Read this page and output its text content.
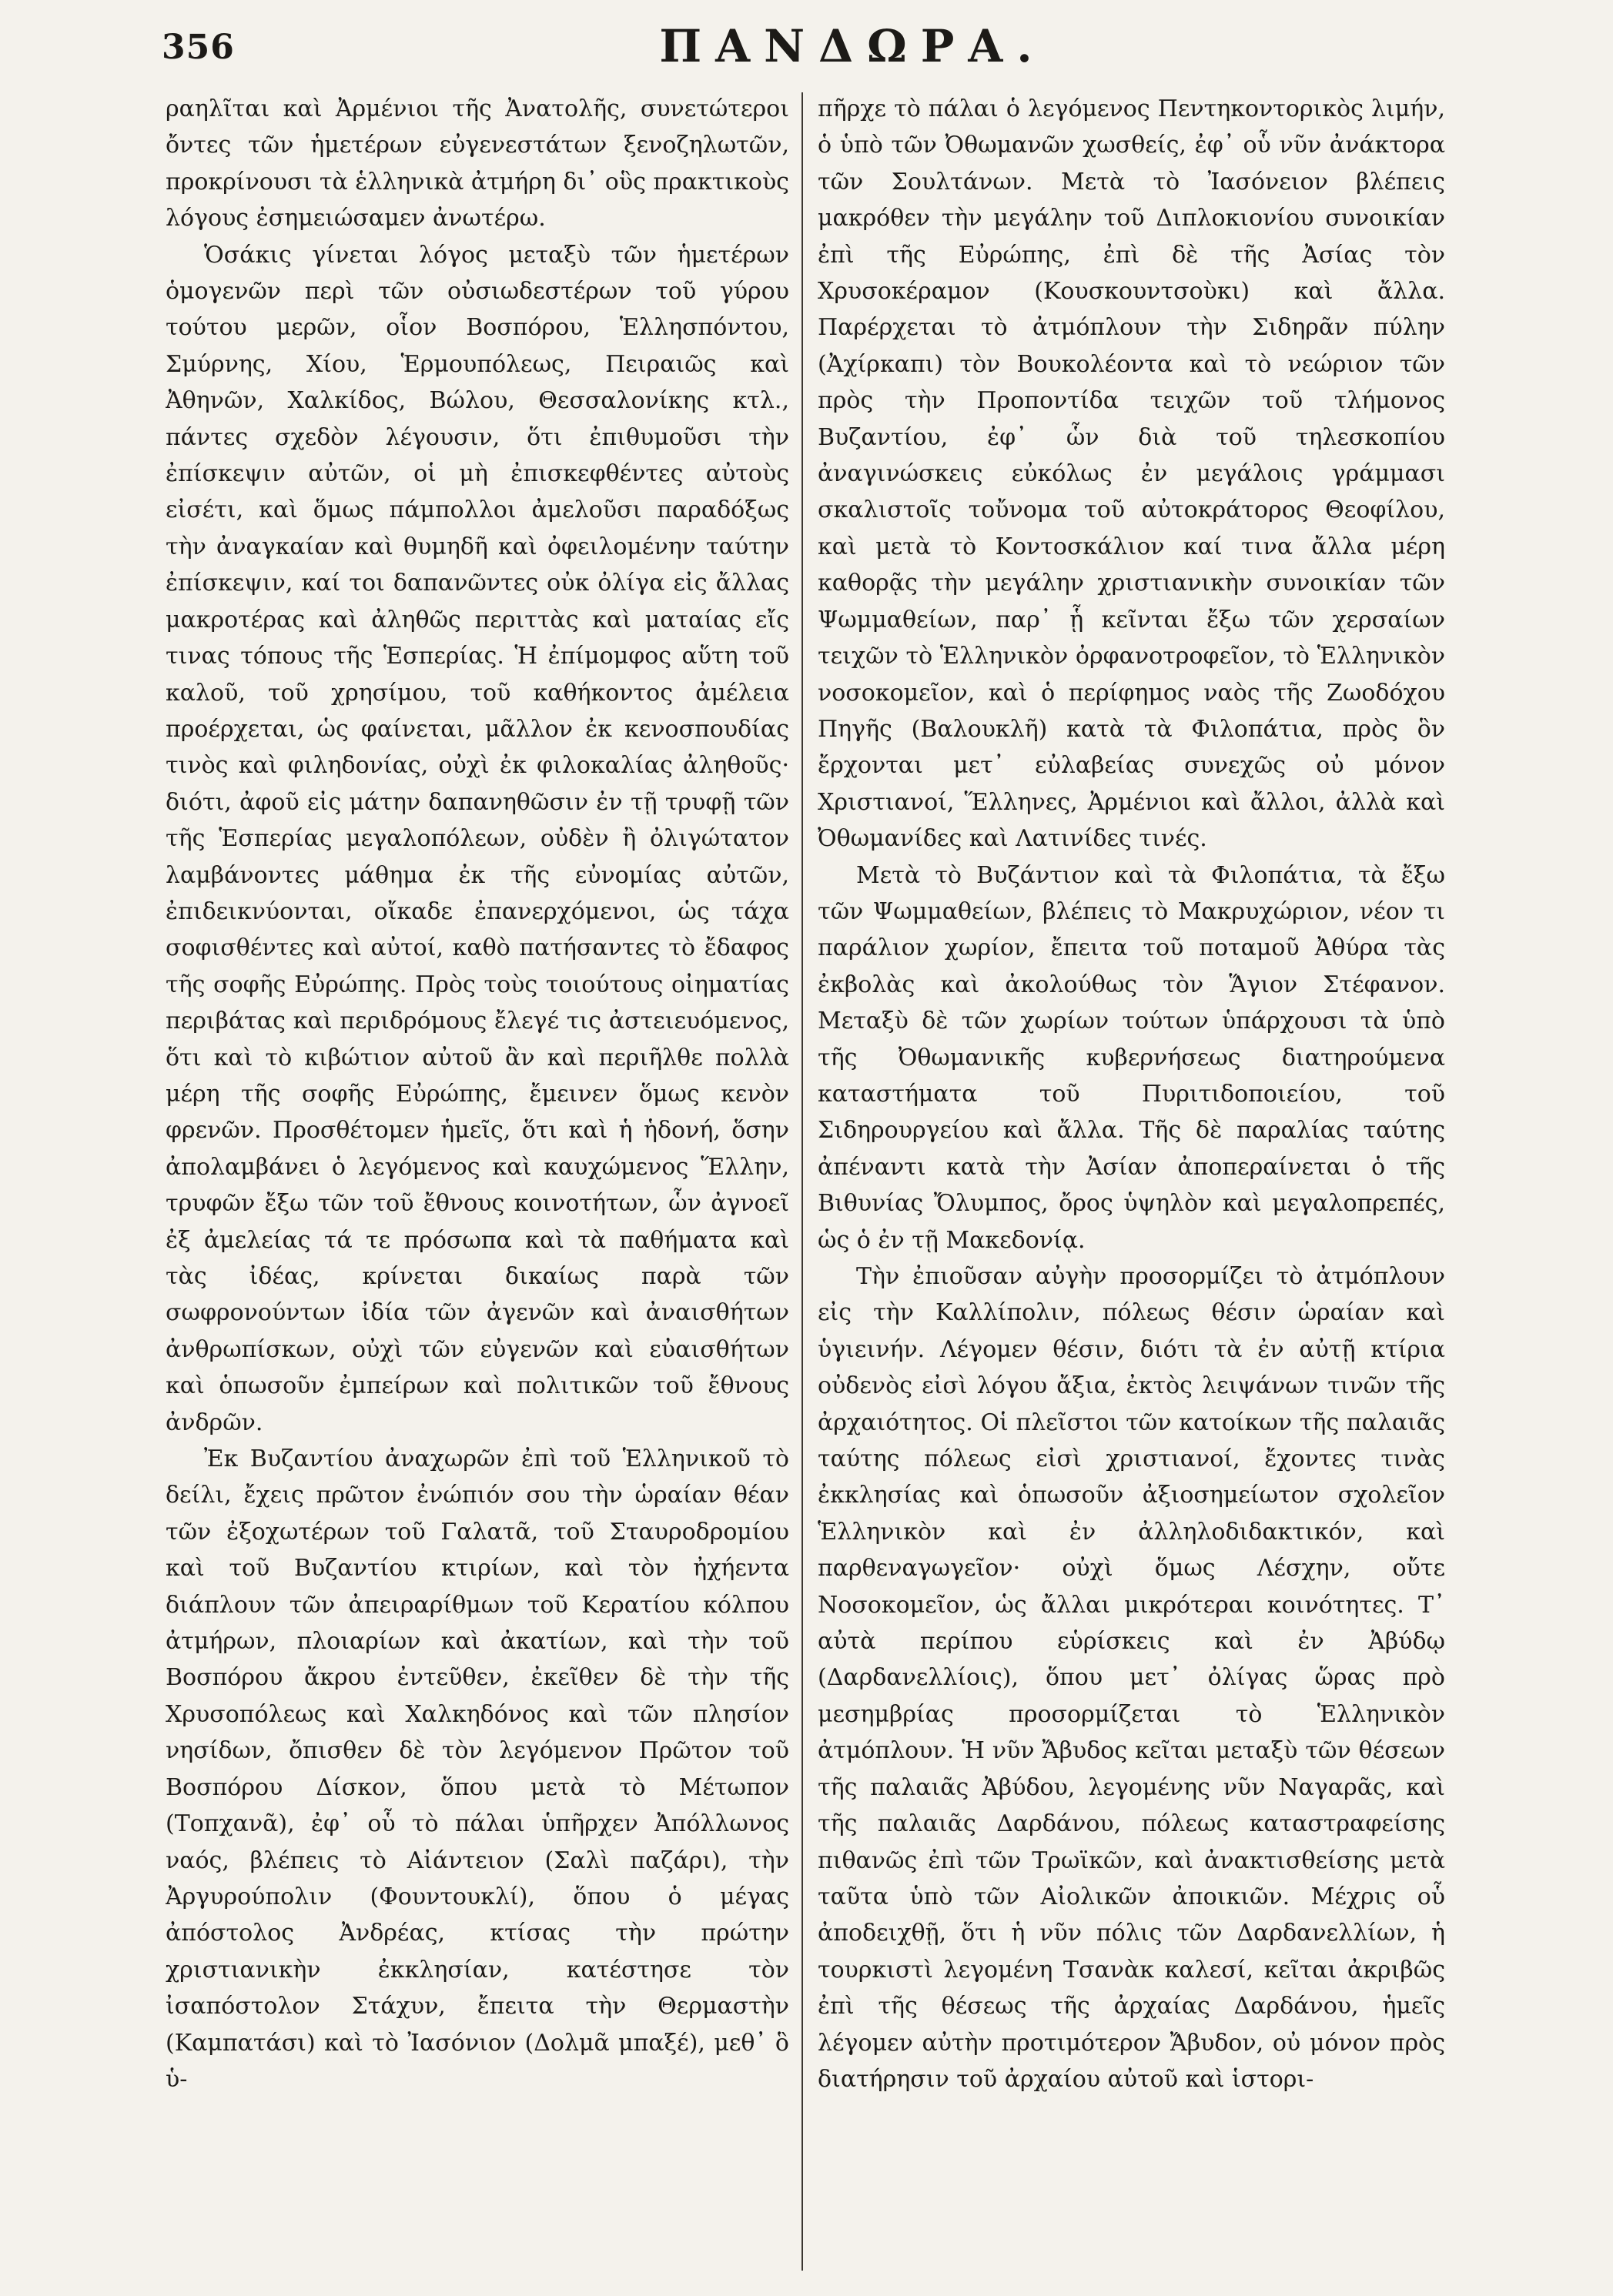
356	ΠΑΝΔΩΡΑ.

ραηλῖται καὶ Ἀρμένιοι τῆς Ἀνατολῆς, συνετώτεροι ὄντες τῶν ἡμετέρων εὐγενεστάτων ξενοζηλωτῶν, προκρίνουσι τὰ ἑλληνικὰ ἀτμήρη δι᾽ οὓς πρακτικοὺς λόγους ἐσημειώσαμεν ἀνωτέρω.

Ὁσάκις γίνεται λόγος μεταξὺ τῶν ἡμετέρων ὁμογενῶν περὶ τῶν οὐσιωδεστέρων τοῦ γύρου τούτου μερῶν, οἷον Βοσπόρου, Ἑλλησπόντου, Σμύρνης, Χίου, Ἑρμουπόλεως, Πειραιῶς καὶ Ἀθηνῶν, Χαλκίδος, Βώλου, Θεσσαλονίκης κτλ., πάντες σχεδὸν λέγουσιν, ὅτι ἐπιθυμοῦσι τὴν ἐπίσκεψιν αὐτῶν, οἱ μὴ ἐπισκεφθέντες αὐτοὺς εἰσέτι, καὶ ὅμως πάμπολλοι ἀμελοῦσι παραδόξως τὴν ἀναγκαίαν καὶ θυμηδῆ καὶ ὀφειλομένην ταύτην ἐπίσκεψιν, καί τοι δαπανῶντες οὐκ ὀλίγα εἰς ἄλλας μακροτέρας καὶ ἀληθῶς περιττὰς καὶ ματαίας εἴς τινας τόπους τῆς Ἑσπερίας. Ἡ ἐπίμομφος αὕτη τοῦ καλοῦ, τοῦ χρησίμου, τοῦ καθήκοντος ἀμέλεια προέρχεται, ὡς φαίνεται, μᾶλλον ἐκ κενοσπουδίας τινὸς καὶ φιληδονίας, οὐχὶ ἐκ φιλοκαλίας ἀληθοῦς· διότι, ἀφοῦ εἰς μάτην δαπανηθῶσιν ἐν τῇ τρυφῇ τῶν τῆς Ἑσπερίας μεγαλοπόλεων, οὐδὲν ἢ ὀλιγώτατον λαμβάνοντες μάθημα ἐκ τῆς εὐνομίας αὐτῶν, ἐπιδεικνύονται, οἴκαδε ἐπανερχόμενοι, ὡς τάχα σοφισθέντες καὶ αὐτοί, καθὸ πατήσαντες τὸ ἔδαφος τῆς σοφῆς Εὐρώπης. Πρὸς τοὺς τοιούτους οἰηματίας περιβάτας καὶ περιδρόμους ἔλεγέ τις ἀστειευόμενος, ὅτι καὶ τὸ κιβώτιον αὐτοῦ ἂν καὶ περιῆλθε πολλὰ μέρη τῆς σοφῆς Εὐρώπης, ἔμεινεν ὅμως κενὸν φρενῶν. Προσθέτομεν ἡμεῖς, ὅτι καὶ ἡ ἡδονή, ὅσην ἀπολαμβάνει ὁ λεγόμενος καὶ καυχώμενος Ἕλλην, τρυφῶν ἔξω τῶν τοῦ ἔθνους κοινοτήτων, ὧν ἀγνοεῖ ἐξ ἀμελείας τά τε πρόσωπα καὶ τὰ παθήματα καὶ τὰς ἰδέας, κρίνεται δικαίως παρὰ τῶν σωφρονούντων ἰδία τῶν ἀγενῶν καὶ ἀναισθήτων ἀνθρωπίσκων, οὐχὶ τῶν εὐγενῶν καὶ εὐαισθήτων καὶ ὁπωσοῦν ἐμπείρων καὶ πολιτικῶν τοῦ ἔθνους ἀνδρῶν.

Ἐκ Βυζαντίου ἀναχωρῶν ἐπὶ τοῦ Ἑλληνικοῦ τὸ δείλι, ἔχεις πρῶτον ἐνώπιόν σου τὴν ὡραίαν θέαν τῶν ἐξοχωτέρων τοῦ Γαλατᾶ, τοῦ Σταυροδρομίου καὶ τοῦ Βυζαντίου κτιρίων, καὶ τὸν ἠχήεντα διάπλουν τῶν ἀπειραρίθμων τοῦ Κερατίου κόλπου ἀτμήρων, πλοιαρίων καὶ ἀκατίων, καὶ τὴν τοῦ Βοσπόρου ἄκρου ἐντεῦθεν, ἐκεῖθεν δὲ τὴν τῆς Χρυσοπόλεως καὶ Χαλκηδόνος καὶ τῶν πλησίον νησίδων, ὄπισθεν δὲ τὸν λεγόμενον Πρῶτον τοῦ Βοσπόρου Δίσκον, ὅπου μετὰ τὸ Μέτωπον (Τοπχανᾶ), ἐφ᾽ οὗ τὸ πάλαι ὑπῆρχεν Ἀπόλλωνος ναός, βλέπεις τὸ Αἰάντειον (Σαλὶ παζάρι), τὴν Ἀργυρούπολιν (Φουντουκλί), ὅπου ὁ μέγας ἀπόστολος Ἀνδρέας, κτίσας τὴν πρώτην χριστιανικὴν ἐκκλησίαν, κατέστησε τὸν ἰσαπόστολον Στάχυν, ἔπειτα τὴν Θερμαστὴν (Καμπατάσι) καὶ τὸ Ἰασόνιον (Δολμᾶ μπαξέ), μεθ᾽ ὃ ὑ-

πῆρχε τὸ πάλαι ὁ λεγόμενος Πεντηκοντορικὸς λιμήν, ὁ ὑπὸ τῶν Ὀθωμανῶν χωσθείς, ἐφ᾽ οὗ νῦν ἀνάκτορα τῶν Σουλτάνων. Μετὰ τὸ Ἰασόνειον βλέπεις μακρόθεν τὴν μεγάλην τοῦ Διπλοκιονίου συνοικίαν ἐπὶ τῆς Εὐρώπης, ἐπὶ δὲ τῆς Ἀσίας τὸν Χρυσοκέραμον (Κουσκουντσοὺκι) καὶ ἄλλα. Παρέρχεται τὸ ἀτμόπλουν τὴν Σιδηρᾶν πύλην (Ἀχίρκαπι) τὸν Βουκολέοντα καὶ τὸ νεώριον τῶν πρὸς τὴν Προποντίδα τειχῶν τοῦ τλήμονος Βυζαντίου, ἐφ᾽ ὧν διὰ τοῦ τηλεσκοπίου ἀναγινώσκεις εὐκόλως ἐν μεγάλοις γράμμασι σκαλιστοῖς τοὔνομα τοῦ αὐτοκράτορος Θεοφίλου, καὶ μετὰ τὸ Κοντοσκάλιον καί τινα ἄλλα μέρη καθορᾷς τὴν μεγάλην χριστιανικὴν συνοικίαν τῶν Ψωμμαθείων, παρ᾽ ᾗ κεῖνται ἔξω τῶν χερσαίων τειχῶν τὸ Ἑλληνικὸν ὀρφανοτροφεῖον, τὸ Ἑλληνικὸν νοσοκομεῖον, καὶ ὁ περίφημος ναὸς τῆς Ζωοδόχου Πηγῆς (Βαλουκλῆ) κατὰ τὰ Φιλοπάτια, πρὸς ὃν ἔρχονται μετ᾽ εὐλαβείας συνεχῶς οὐ μόνον Χριστιανοί, Ἕλληνες, Ἀρμένιοι καὶ ἄλλοι, ἀλλὰ καὶ Ὀθωμανίδες καὶ Λατινίδες τινές.

Μετὰ τὸ Βυζάντιον καὶ τὰ Φιλοπάτια, τὰ ἔξω τῶν Ψωμμαθείων, βλέπεις τὸ Μακρυχώριον, νέον τι παράλιον χωρίον, ἔπειτα τοῦ ποταμοῦ Ἀθύρα τὰς ἐκβολὰς καὶ ἀκολούθως τὸν Ἅγιον Στέφανον. Μεταξὺ δὲ τῶν χωρίων τούτων ὑπάρχουσι τὰ ὑπὸ τῆς Ὀθωμανικῆς κυβερνήσεως διατηρούμενα καταστήματα τοῦ Πυριτιδοποιείου, τοῦ Σιδηρουργείου καὶ ἄλλα. Τῆς δὲ παραλίας ταύτης ἀπέναντι κατὰ τὴν Ἀσίαν ἀποπεραίνεται ὁ τῆς Βιθυνίας Ὄλυμπος, ὄρος ὑψηλὸν καὶ μεγαλοπρεπές, ὡς ὁ ἐν τῇ Μακεδονίᾳ.

Τὴν ἐπιοῦσαν αὐγὴν προσορμίζει τὸ ἀτμόπλουν εἰς τὴν Καλλίπολιν, πόλεως θέσιν ὡραίαν καὶ ὑγιεινήν. Λέγομεν θέσιν, διότι τὰ ἐν αὐτῇ κτίρια οὐδενὸς εἰσὶ λόγου ἄξια, ἐκτὸς λειψάνων τινῶν τῆς ἀρχαιότητος. Οἱ πλεῖστοι τῶν κατοίκων τῆς παλαιᾶς ταύτης πόλεως εἰσὶ χριστιανοί, ἔχοντες τινὰς ἐκκλησίας καὶ ὁπωσοῦν ἀξιοσημείωτον σχολεῖον Ἑλληνικὸν καὶ ἐν ἀλληλοδιδακτικόν, καὶ παρθεναγωγεῖον· οὐχὶ ὅμως Λέσχην, οὔτε Νοσοκομεῖον, ὡς ἄλλαι μικρότεραι κοινότητες. Τ᾽ αὐτὰ περίπου εὑρίσκεις καὶ ἐν Ἀβύδῳ (Δαρδανελλίοις), ὅπου μετ᾽ ὀλίγας ὥρας πρὸ μεσημβρίας προσορμίζεται τὸ Ἑλληνικὸν ἀτμόπλουν. Ἡ νῦν Ἄβυδος κεῖται μεταξὺ τῶν θέσεων τῆς παλαιᾶς Ἀβύδου, λεγομένης νῦν Ναγαρᾶς, καὶ τῆς παλαιᾶς Δαρδάνου, πόλεως καταστραφείσης πιθανῶς ἐπὶ τῶν Τρωϊκῶν, καὶ ἀνακτισθείσης μετὰ ταῦτα ὑπὸ τῶν Αἰολικῶν ἀποικιῶν. Μέχρις οὗ ἀποδειχθῇ, ὅτι ἡ νῦν πόλις τῶν Δαρδανελλίων, ἡ τουρκιστὶ λεγομένη Τσανὰκ καλεσί, κεῖται ἀκριβῶς ἐπὶ τῆς θέσεως τῆς ἀρχαίας Δαρδάνου, ἡμεῖς λέγομεν αὐτὴν προτιμότερον Ἄβυδον, οὐ μόνον πρὸς διατήρησιν τοῦ ἀρχαίου αὐτοῦ καὶ ἱστορι-
